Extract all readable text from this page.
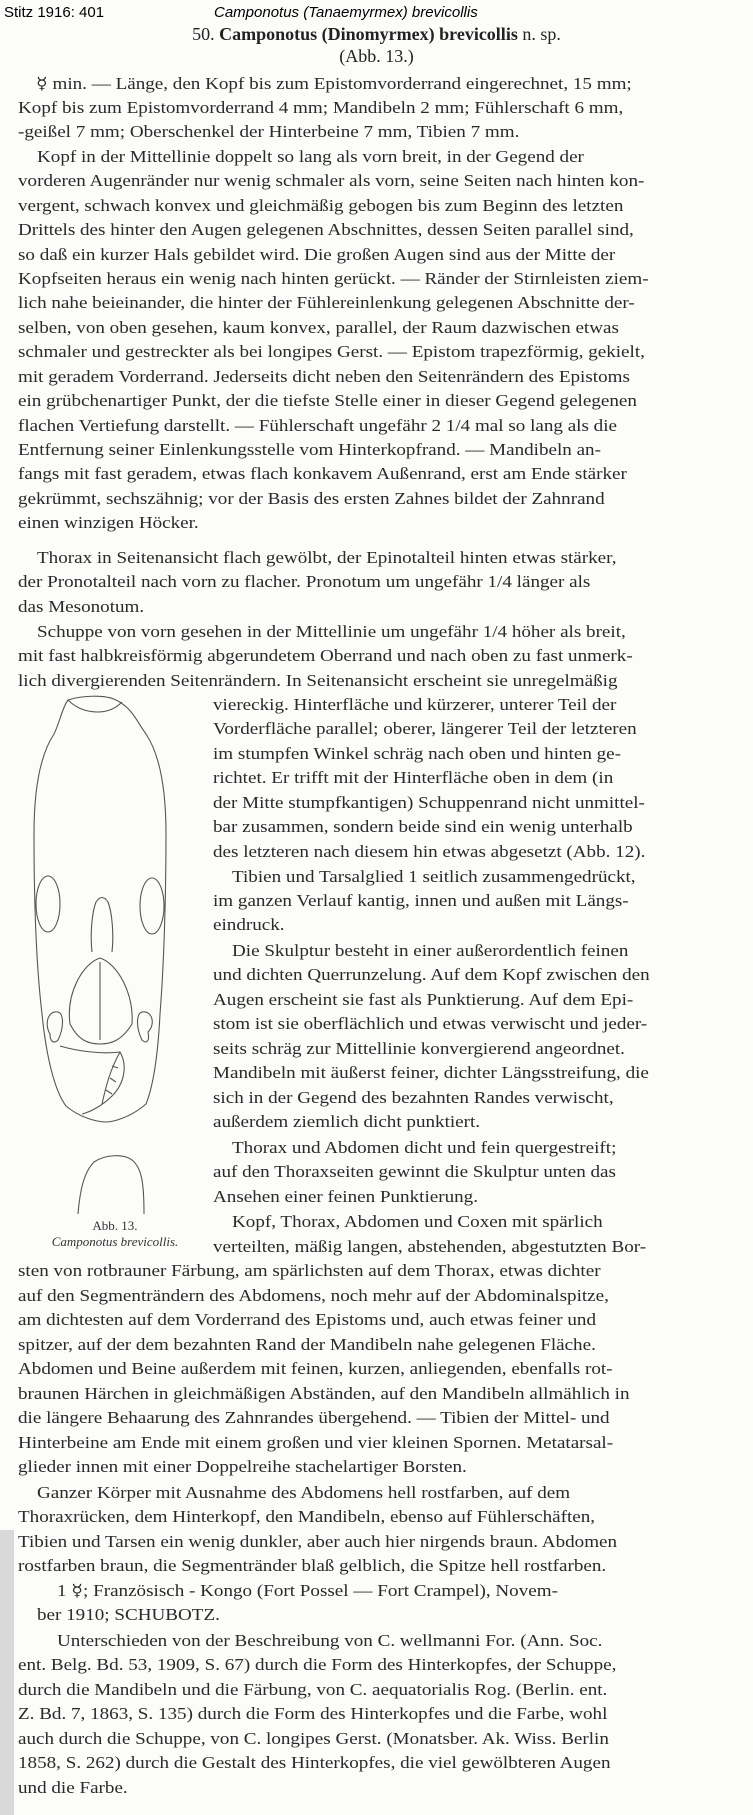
Stitz 1916: 401	Camponotus (Tanaemyrmex) brevicollis
50. Camponotus (Dinomyrmex) brevicollis n. sp.
(Abb. 13.)
☿ min. — Länge, den Kopf bis zum Epistomvorderrand eingerechnet, 15 mm;
Kopf bis zum Epistomvorderrand 4 mm; Mandibeln 2 mm; Fühlerschaft 6 mm,
-geißel 7 mm; Oberschenkel der Hinterbeine 7 mm, Tibien 7 mm.
Kopf in der Mittellinie doppelt so lang als vorn breit, in der Gegend der
vorderen Augenränder nur wenig schmaler als vorn, seine Seiten nach hinten kon-
vergent, schwach konvex und gleichmäßig gebogen bis zum Beginn des letzten
Drittels des hinter den Augen gelegenen Abschnittes, dessen Seiten parallel sind,
so daß ein kurzer Hals gebildet wird. Die großen Augen sind aus der Mitte der
Kopfseiten heraus ein wenig nach hinten gerückt. — Ränder der Stirnleisten ziem-
lich nahe beieinander, die hinter der Fühlereinlenkung gelegenen Abschnitte der-
selben, von oben gesehen, kaum konvex, parallel, der Raum dazwischen etwas
schmaler und gestreckter als bei longipes Gerst. — Epistom trapezförmig, gekielt,
mit geradem Vorderrand. Jederseits dicht neben den Seitenrändern des Epistoms
ein grübchenartiger Punkt, der die tiefste Stelle einer in dieser Gegend gelegenen
flachen Vertiefung darstellt. — Fühlerschaft ungefähr 2 1/4 mal so lang als die
Entfernung seiner Einlenkungsstelle vom Hinterkopfrand. — Mandibeln an-
fangs mit fast geradem, etwas flach konkavem Außenrand, erst am Ende stärker
gekrümmt, sechszähnig; vor der Basis des ersten Zahnes bildet der Zahnrand
einen winzigen Höcker.
Thorax in Seitenansicht flach gewölbt, der Epinotalteil hinten etwas stärker,
der Pronotalteil nach vorn zu flacher. Pronotum um ungefähr 1/4 länger als
das Mesonotum.
Schuppe von vorn gesehen in der Mittellinie um ungefähr 1/4 höher als breit,
mit fast halbkreisförmig abgerundetem Oberrand und nach oben zu fast unmerk-
lich divergierenden Seitenrändern. In Seitenansicht erscheint sie unregelmäßig
viereckig. Hinterfläche und kürzerer, unterer Teil der
Vorderfläche parallel; oberer, längerer Teil der letzteren
im stumpfen Winkel schräg nach oben und hinten ge-
richtet. Er trifft mit der Hinterfläche oben in dem (in
der Mitte stumpfkantigen) Schuppenrand nicht unmittel-
bar zusammen, sondern beide sind ein wenig unterhalb
des letzteren nach diesem hin etwas abgesetzt (Abb. 12).
Tibien und Tarsalglied 1 seitlich zusammengedrückt,
im ganzen Verlauf kantig, innen und außen mit Längs-
eindruck.
Die Skulptur besteht in einer außerordentlich feinen
und dichten Querrunzelung. Auf dem Kopf zwischen den
Augen erscheint sie fast als Punktierung. Auf dem Epi-
stom ist sie oberflächlich und etwas verwischt und jeder-
seits schräg zur Mittellinie konvergierend angeordnet.
Mandibeln mit äußerst feiner, dichter Längsstreifung, die
sich in der Gegend des bezahnten Randes verwischt,
außerdem ziemlich dicht punktiert.
Thorax und Abdomen dicht und fein quergestreift;
auf den Thoraxseiten gewinnt die Skulptur unten das
Ansehen einer feinen Punktierung.
Kopf, Thorax, Abdomen und Coxen mit spärlich
verteilten, mäßig langen, abstehenden, abgestutzten Bor-
sten von rotbrauner Färbung, am spärlichsten auf dem Thorax, etwas dichter
auf den Segmenträndern des Abdomens, noch mehr auf der Abdominalspitze,
am dichtesten auf dem Vorderrand des Epistoms und, auch etwas feiner und
spitzer, auf der dem bezahnten Rand der Mandibeln nahe gelegenen Fläche.
Abdomen und Beine außerdem mit feinen, kurzen, anliegenden, ebenfalls rot-
braunen Härchen in gleichmäßigen Abständen, auf den Mandibeln allmählich in
die längere Behaarung des Zahnrandes übergehend. — Tibien der Mittel- und
Hinterbeine am Ende mit einem großen und vier kleinen Spornen. Metatarsal-
glieder innen mit einer Doppelreihe stachelartiger Borsten.
Ganzer Körper mit Ausnahme des Abdomens hell rostfarben, auf dem
Thoraxrücken, dem Hinterkopf, den Mandibeln, ebenso auf Fühlerschäften,
Tibien und Tarsen ein wenig dunkler, aber auch hier nirgends braun. Abdomen
rostfarben braun, die Segmentränder blaß gelblich, die Spitze hell rostfarben.
1 ☿; Französisch - Kongo (Fort Possel — Fort Crampel), Novem-
ber 1910; SCHUBOTZ.
Unterschieden von der Beschreibung von C. wellmanni For. (Ann. Soc.
ent. Belg. Bd. 53, 1909, S. 67) durch die Form des Hinterkopfes, der Schuppe,
durch die Mandibeln und die Färbung, von C. aequatorialis Rog. (Berlin. ent.
Z. Bd. 7, 1863, S. 135) durch die Form des Hinterkopfes und die Farbe, wohl
auch durch die Schuppe, von C. longipes Gerst. (Monatsber. Ak. Wiss. Berlin
1858, S. 262) durch die Gestalt des Hinterkopfes, die viel gewölbteren Augen
und die Farbe.
Abb. 13.
Camponotus brevicollis.
